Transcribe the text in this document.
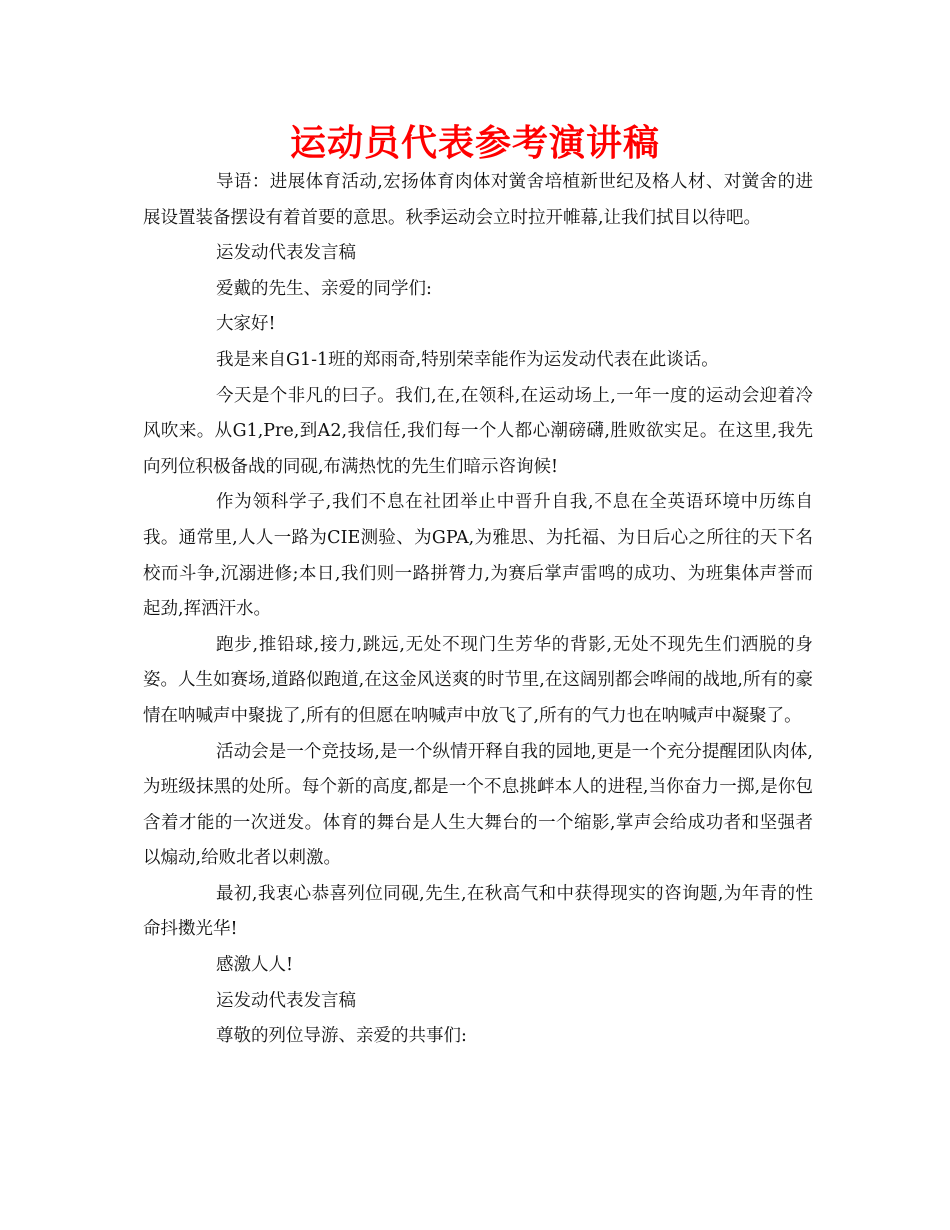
运动员代表参考演讲稿

导语：进展体育活动,宏扬体育肉体对黉舍培植新世纪及格人材、对黉舍的进展设置装备摆设有着首要的意思。秋季运动会立时拉开帷幕,让我们拭目以待吧。

运发动代表发言稿

爱戴的先生、亲爱的同学们:

大家好!

我是来自G1-1班的郑雨奇,特别荣幸能作为运发动代表在此谈话。

今天是个非凡的曰子。我们,在,在领科,在运动场上,一年一度的运动会迎着冷风吹来。从G1,Pre,到A2,我信任,我们每一个人都心潮磅礴,胜败欲实足。在这里,我先向列位积极备战的同砚,布满热忱的先生们暗示咨询候!

作为领科学子,我们不息在社团举止中晋升自我,不息在全英语环境中历练自我。通常里,人人一路为CIE测验、为GPA,为雅思、为托福、为日后心之所往的天下名校而斗争,沉溺进修;本日,我们则一路拼膂力,为赛后掌声雷鸣的成功、为班集体声誉而起劲,挥洒汗水。

跑步,推铅球,接力,跳远,无处不现门生芳华的背影,无处不现先生们洒脱的身姿。人生如赛场,道路似跑道,在这金风送爽的时节里,在这阔别都会哗闹的战地,所有的豪情在呐喊声中聚拢了,所有的但愿在呐喊声中放飞了,所有的气力也在呐喊声中凝聚了。

活动会是一个竞技场,是一个纵情开释自我的园地,更是一个充分提醒团队肉体,为班级抹黑的处所。每个新的高度,都是一个不息挑衅本人的进程,当你奋力一掷,是你包含着才能的一次迸发。体育的舞台是人生大舞台的一个缩影,掌声会给成功者和坚强者以煽动,给败北者以刺激。

最初,我衷心恭喜列位同砚,先生,在秋高气和中获得现实的咨询题,为年青的性命抖擞光华!

感激人人!

运发动代表发言稿

尊敬的列位导游、亲爱的共事们:
